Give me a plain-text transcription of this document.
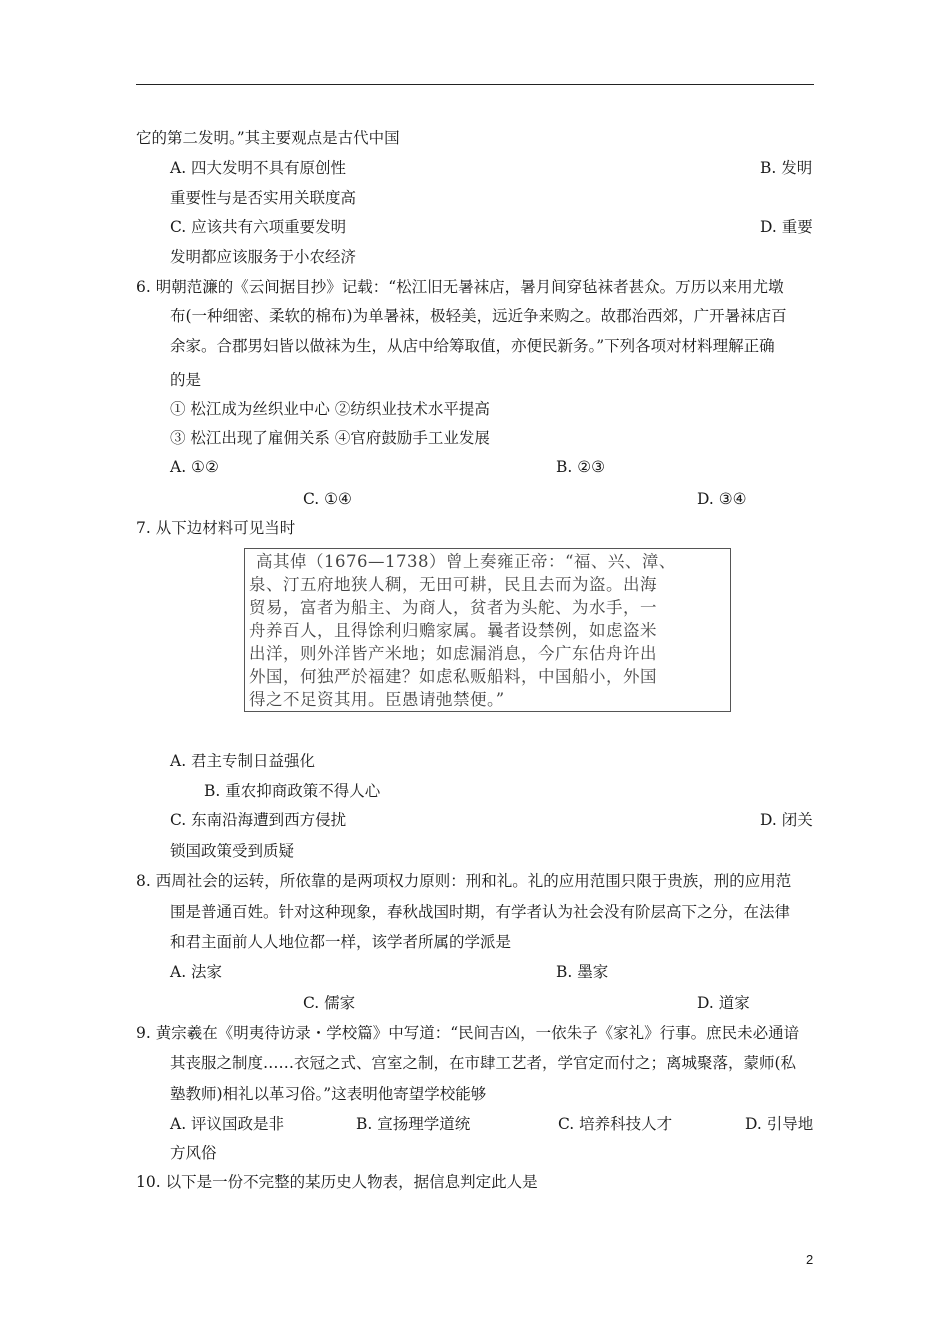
它的第二发明。”其主要观点是古代中国
A. 四大发明不具有原创性	B. 发明
重要性与是否实用关联度高
C. 应该共有六项重要发明	D. 重要
发明都应该服务于小农经济
6. 明朝范濂的《云间据目抄》记载：“松江旧无暑袜店，暑月间穿毡袜者甚众。万历以来用尤墩
布(一种细密、柔软的棉布)为单暑袜，极轻美，远近争来购之。故郡治西郊，广开暑袜店百
余家。合郡男妇皆以做袜为生，从店中给筹取值，亦便民新务。”下列各项对材料理解正确
的是
① 松江成为丝织业中心 ②纺织业技术水平提高
③ 松江出现了雇佣关系 ④官府鼓励手工业发展
A. ①②	B. ②③
C. ①④	D. ③④
7. 从下边材料可见当时
高其倬（1676—1738）曾上奏雍正帝：“福、兴、漳、
泉、汀五府地狭人稠，无田可耕，民且去而为盗。出海
贸易，富者为船主、为商人，贫者为头舵、为水手，一
舟养百人，且得馀利归赡家属。曩者设禁例，如虑盗米
出洋，则外洋皆产米地；如虑漏消息，今广东估舟许出
外国，何独严於福建？如虑私贩船料，中国船小，外国
得之不足资其用。臣愚请弛禁便。”
A. 君主专制日益强化
B. 重农抑商政策不得人心
C. 东南沿海遭到西方侵扰	D. 闭关
锁国政策受到质疑
8. 西周社会的运转，所依靠的是两项权力原则：刑和礼。礼的应用范围只限于贵族，刑的应用范
围是普通百姓。针对这种现象，春秋战国时期，有学者认为社会没有阶层高下之分，在法律
和君主面前人人地位都一样，该学者所属的学派是
A. 法家	B. 墨家
C. 儒家	D. 道家
9. 黄宗羲在《明夷待访录・学校篇》中写道：“民间吉凶，一依朱子《家礼》行事。庶民未必通谙
其丧服之制度……衣冠之式、宫室之制，在市肆工艺者，学官定而付之；离城聚落，蒙师(私
塾教师)相礼以革习俗。”这表明他寄望学校能够
A. 评议国政是非	B. 宣扬理学道统	C. 培养科技人才	D. 引导地
方风俗
10. 以下是一份不完整的某历史人物表，据信息判定此人是
2
